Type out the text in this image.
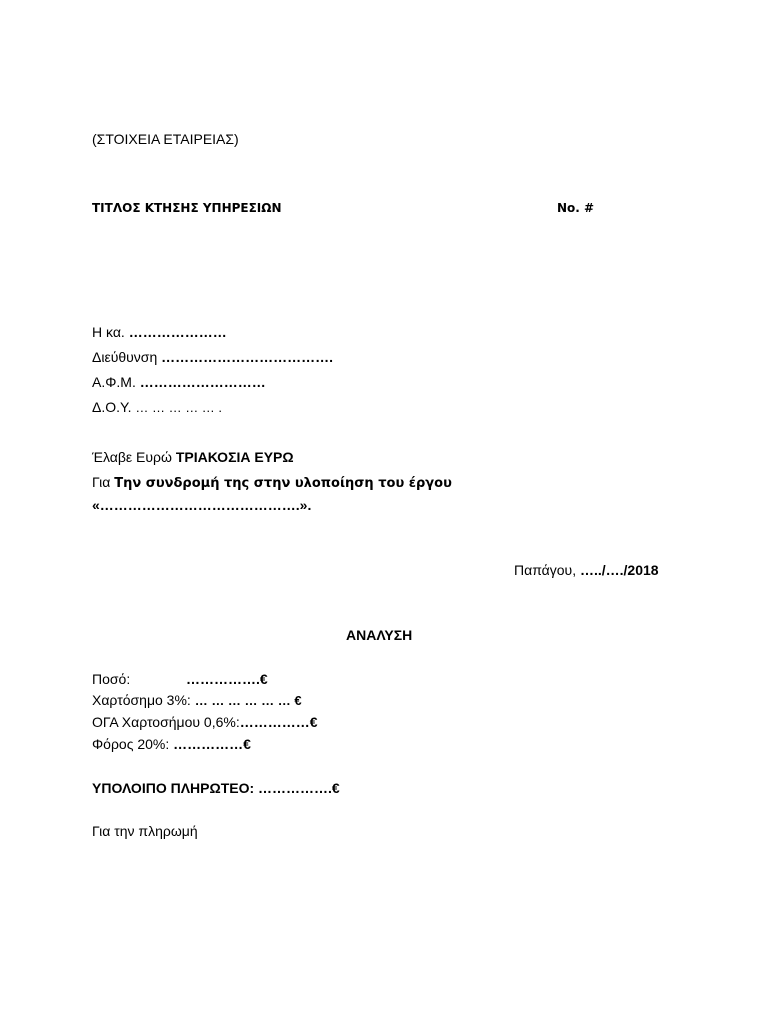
(ΣΤΟΙΧΕΙΑ ΕΤΑΙΡΕΙΑΣ)
ΤΙΤΛΟΣ ΚΤΗΣΗΣ ΥΠΗΡΕΣΙΩΝ	No. #
Η κα. …………………
Διεύθυνση ……………………………….
Α.Φ.Μ. ………………………
Δ.Ο.Υ. … … … … … .
Έλαβε Ευρώ ΤΡΙΑΚΟΣΙΑ ΕΥΡΩ
Για Την συνδρομή της στην υλοποίηση του έργου
«…………………………………….».
Παπάγου, …../…./2018
ΑΝΑΛΥΣΗ
Ποσό:	…………….€
Χαρτόσημο 3%: … … … … … … €
ΟΓΑ Χαρτοσήμου 0,6%:……………€
Φόρος 20%: ……………€
ΥΠΟΛΟΙΠΟ ΠΛΗΡΩΤΕΟ: …………….€
Για την πληρωμή
